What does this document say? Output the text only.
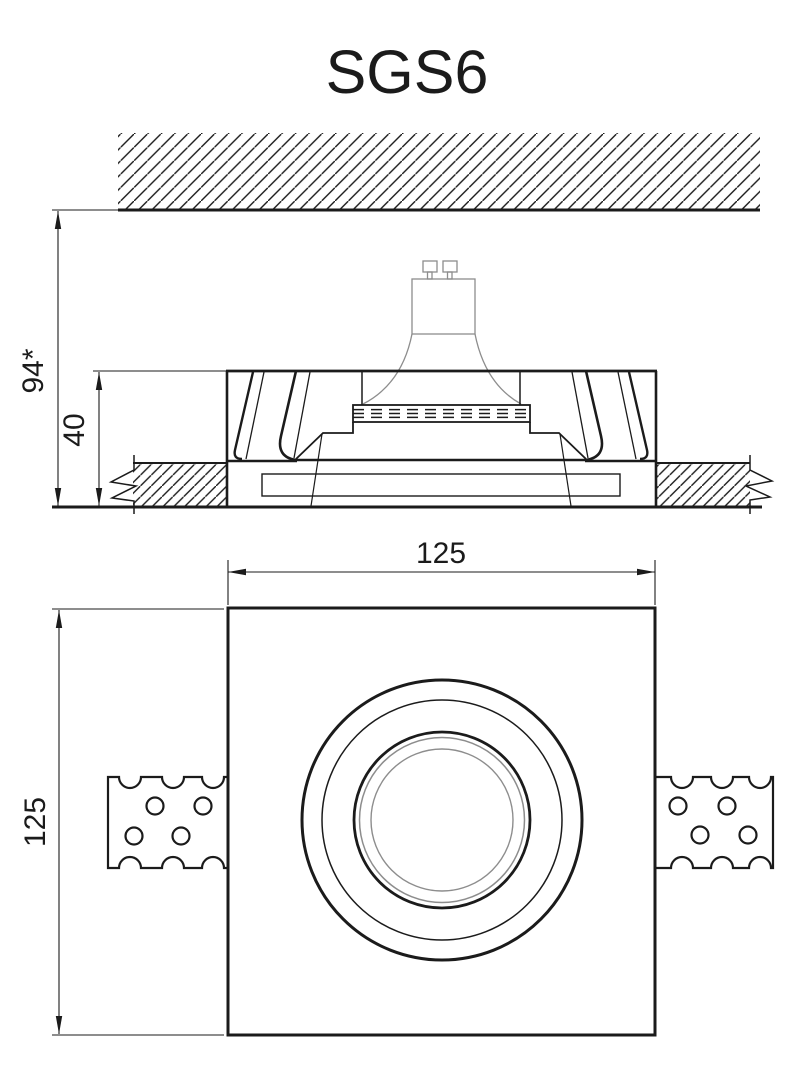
SGS6
94*
40
125
125
